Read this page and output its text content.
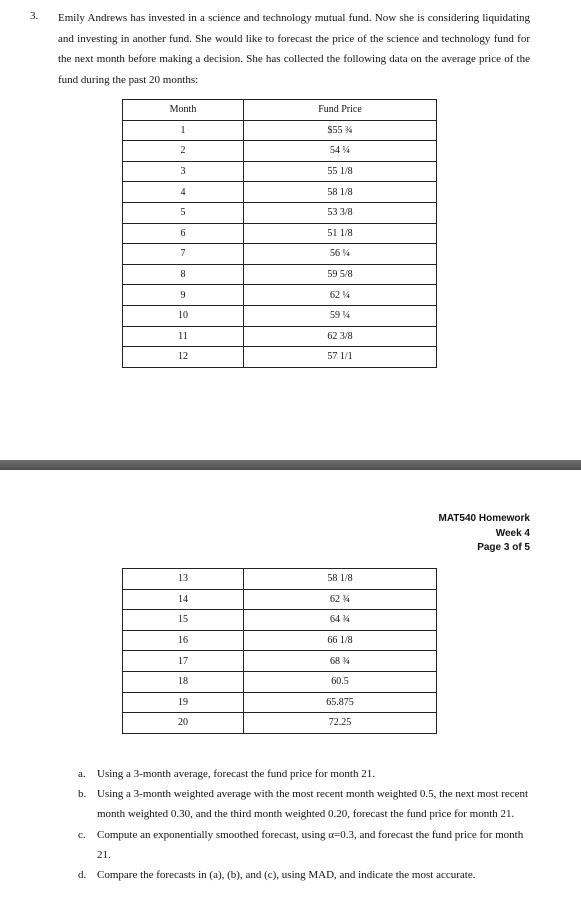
3. Emily Andrews has invested in a science and technology mutual fund. Now she is considering liquidating and investing in another fund. She would like to forecast the price of the science and technology fund for the next month before making a decision. She has collected the following data on the average price of the fund during the past 20 months:

Month	Fund Price
1	$55 ¾
2	54 ¼
3	55 1/8
4	58 1/8
5	53 3/8
6	51 1/8
7	56 ¼
8	59 5/8
9	62 ¼
10	59 ¼
11	62 3/8
12	57 1/1
MAT540 Homework
Week 4
Page 3 of 5
13	58 1/8
14	62 ¾
15	64 ¾
16	66 1/8
17	68 ¾
18	60.5
19	65.875
20	72.25
a. Using a 3-month average, forecast the fund price for month 21.
b. Using a 3-month weighted average with the most recent month weighted 0.5, the next most recent month weighted 0.30, and the third month weighted 0.20, forecast the fund price for month 21.
c. Compute an exponentially smoothed forecast, using α=0.3, and forecast the fund price for month 21.
d. Compare the forecasts in (a), (b), and (c), using MAD, and indicate the most accurate.
